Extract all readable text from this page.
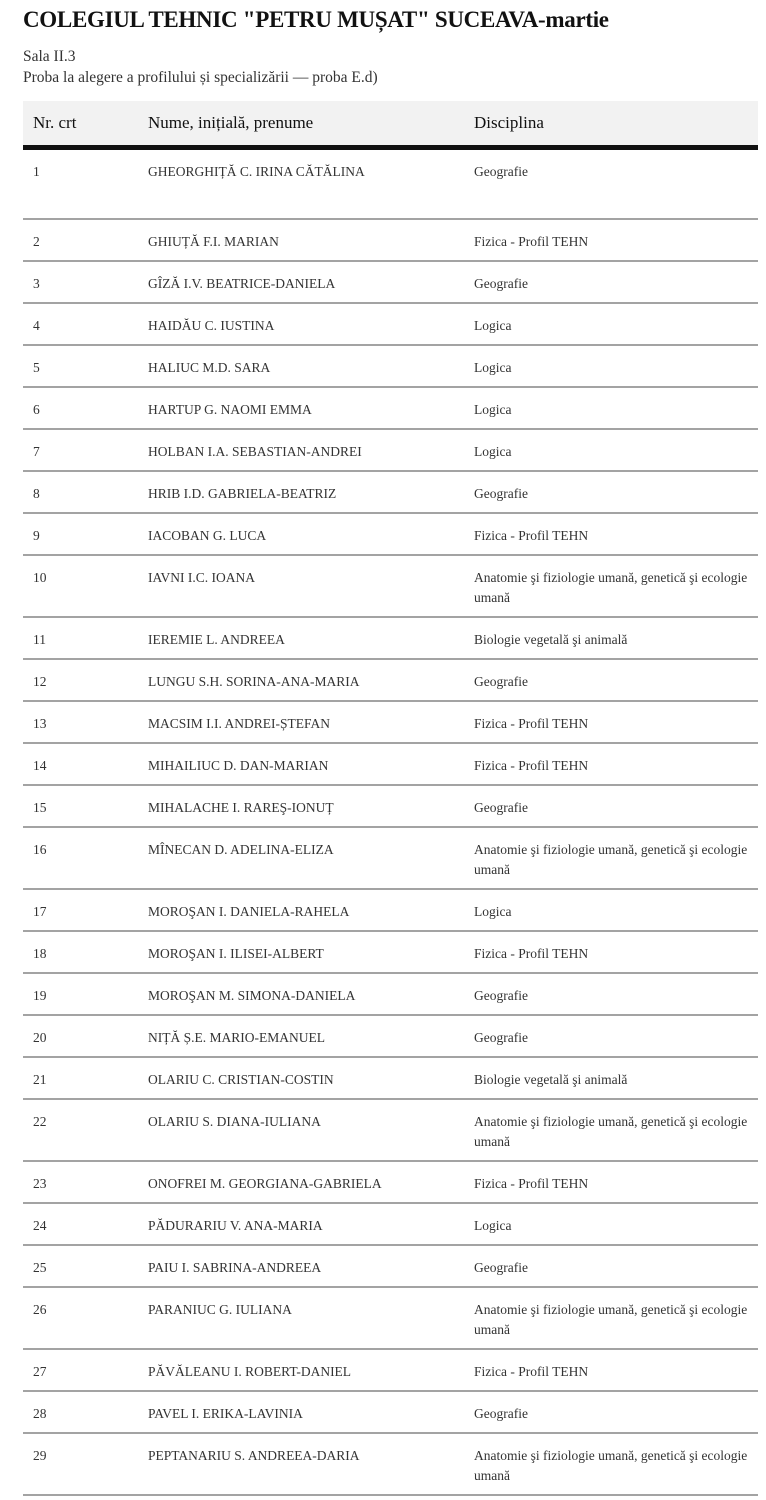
COLEGIUL TEHNIC "PETRU MUȘAT" SUCEAVA-martie

Sala II.3

Proba la alegere a profilului și specializării — proba E.d)

Nr. crt	Nume, inițială, prenume	Disciplina
1	GHEORGHIȚĂ C. IRINA CĂTĂLINA	Geografie
2	GHIUȚĂ F.I. MARIAN	Fizica - Profil TEHN
3	GÎZĂ I.V. BEATRICE-DANIELA	Geografie
4	HAIDĂU C. IUSTINA	Logica
5	HALIUC M.D. SARA	Logica
6	HARTUP G. NAOMI EMMA	Logica
7	HOLBAN I.A. SEBASTIAN-ANDREI	Logica
8	HRIB I.D. GABRIELA-BEATRIZ	Geografie
9	IACOBAN G. LUCA	Fizica - Profil TEHN
10	IAVNI I.C. IOANA	Anatomie şi fiziologie umană, genetică şi ecologie umană
11	IEREMIE L. ANDREEA	Biologie vegetală şi animală
12	LUNGU S.H. SORINA-ANA-MARIA	Geografie
13	MACSIM I.I. ANDREI-ȘTEFAN	Fizica - Profil TEHN
14	MIHAILIUC D. DAN-MARIAN	Fizica - Profil TEHN
15	MIHALACHE I. RAREŞ-IONUȚ	Geografie
16	MÎNECAN D. ADELINA-ELIZA	Anatomie şi fiziologie umană, genetică şi ecologie umană
17	MOROŞAN I. DANIELA-RAHELA	Logica
18	MOROŞAN I. ILISEI-ALBERT	Fizica - Profil TEHN
19	MOROŞAN M. SIMONA-DANIELA	Geografie
20	NIȚĂ Ș.E. MARIO-EMANUEL	Geografie
21	OLARIU C. CRISTIAN-COSTIN	Biologie vegetală şi animală
22	OLARIU S. DIANA-IULIANA	Anatomie şi fiziologie umană, genetică şi ecologie umană
23	ONOFREI M. GEORGIANA-GABRIELA	Fizica - Profil TEHN
24	PĂDURARIU V. ANA-MARIA	Logica
25	PAIU I. SABRINA-ANDREEA	Geografie
26	PARANIUC G. IULIANA	Anatomie şi fiziologie umană, genetică şi ecologie umană
27	PĂVĂLEANU I. ROBERT-DANIEL	Fizica - Profil TEHN
28	PAVEL I. ERIKA-LAVINIA	Geografie
29	PEPTANARIU S. ANDREEA-DARIA	Anatomie şi fiziologie umană, genetică şi ecologie umană
